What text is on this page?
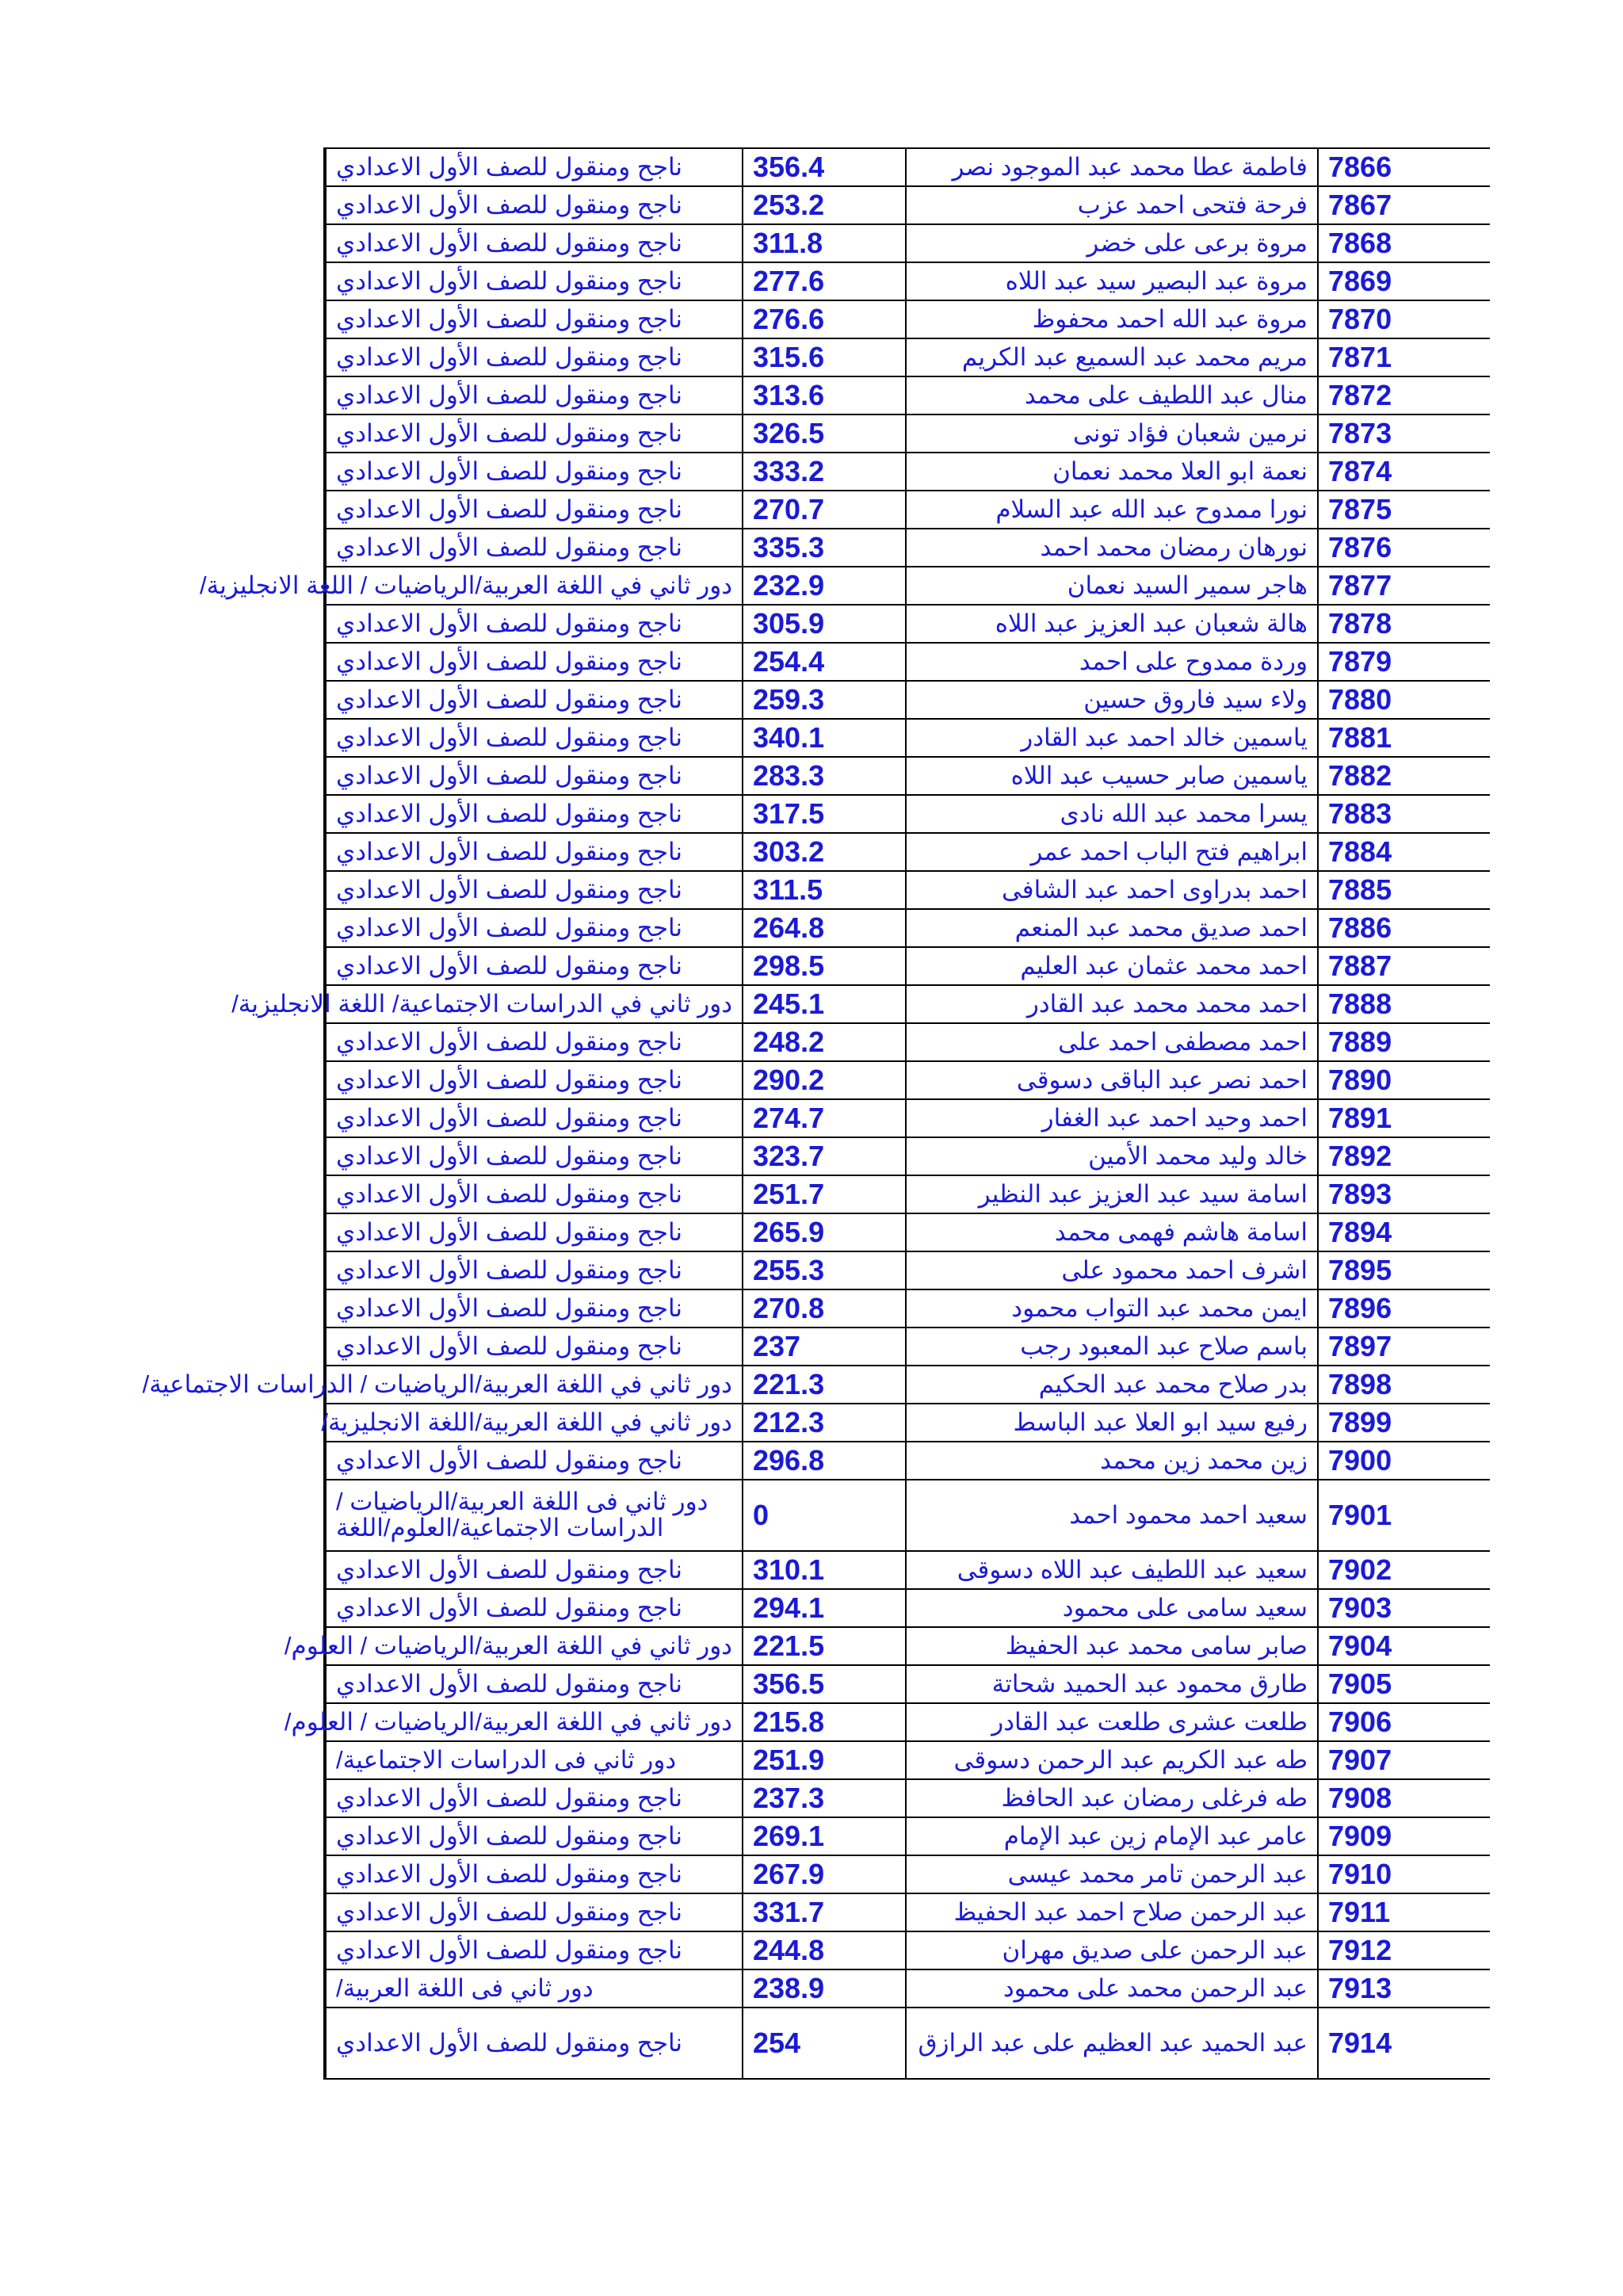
7866	فاطمة عطا محمد عبد الموجود نصر	356.4	ناجح ومنقول للصف الأول الاعدادي
7867	فرحة فتحى احمد عزب	253.2	ناجح ومنقول للصف الأول الاعدادي
7868	مروة برعى على خضر	311.8	ناجح ومنقول للصف الأول الاعدادي
7869	مروة عبد البصير سيد عبد اللاه	277.6	ناجح ومنقول للصف الأول الاعدادي
7870	مروة عبد الله احمد محفوظ	276.6	ناجح ومنقول للصف الأول الاعدادي
7871	مريم محمد عبد السميع عبد الكريم	315.6	ناجح ومنقول للصف الأول الاعدادي
7872	منال عبد اللطيف على محمد	313.6	ناجح ومنقول للصف الأول الاعدادي
7873	نرمين شعبان فؤاد تونى	326.5	ناجح ومنقول للصف الأول الاعدادي
7874	نعمة ابو العلا محمد نعمان	333.2	ناجح ومنقول للصف الأول الاعدادي
7875	نورا ممدوح عبد الله عبد السلام	270.7	ناجح ومنقول للصف الأول الاعدادي
7876	نورهان رمضان محمد احمد	335.3	ناجح ومنقول للصف الأول الاعدادي
7877	هاجر سمير السيد نعمان	232.9	دور ثاني في اللغة العربية/الرياضيات / اللغة الانجليزية/
7878	هالة شعبان عبد العزيز عبد اللاه	305.9	ناجح ومنقول للصف الأول الاعدادي
7879	وردة ممدوح على احمد	254.4	ناجح ومنقول للصف الأول الاعدادي
7880	ولاء سيد فاروق حسين	259.3	ناجح ومنقول للصف الأول الاعدادي
7881	ياسمين خالد احمد عبد القادر	340.1	ناجح ومنقول للصف الأول الاعدادي
7882	ياسمين صابر حسيب عبد اللاه	283.3	ناجح ومنقول للصف الأول الاعدادي
7883	يسرا محمد عبد الله نادى	317.5	ناجح ومنقول للصف الأول الاعدادي
7884	ابراهيم فتح الباب احمد عمر	303.2	ناجح ومنقول للصف الأول الاعدادي
7885	احمد بدراوى احمد عبد الشافى	311.5	ناجح ومنقول للصف الأول الاعدادي
7886	احمد صديق محمد عبد المنعم	264.8	ناجح ومنقول للصف الأول الاعدادي
7887	احمد محمد عثمان عبد العليم	298.5	ناجح ومنقول للصف الأول الاعدادي
7888	احمد محمد محمد عبد القادر	245.1	دور ثاني في الدراسات الاجتماعية/ اللغة الانجليزية/
7889	احمد مصطفى احمد على	248.2	ناجح ومنقول للصف الأول الاعدادي
7890	احمد نصر عبد الباقى دسوقى	290.2	ناجح ومنقول للصف الأول الاعدادي
7891	احمد وحيد احمد عبد الغفار	274.7	ناجح ومنقول للصف الأول الاعدادي
7892	خالد وليد محمد الأمين	323.7	ناجح ومنقول للصف الأول الاعدادي
7893	اسامة سيد عبد العزيز عبد النظير	251.7	ناجح ومنقول للصف الأول الاعدادي
7894	اسامة هاشم فهمى محمد	265.9	ناجح ومنقول للصف الأول الاعدادي
7895	اشرف احمد محمود على	255.3	ناجح ومنقول للصف الأول الاعدادي
7896	ايمن محمد عبد التواب محمود	270.8	ناجح ومنقول للصف الأول الاعدادي
7897	باسم صلاح عبد المعبود رجب	237	ناجح ومنقول للصف الأول الاعدادي
7898	بدر صلاح محمد عبد الحكيم	221.3	دور ثاني في اللغة العربية/الرياضيات / الدراسات الاجتماعية/
7899	رفيع سيد ابو العلا عبد الباسط	212.3	دور ثاني في اللغة العربية/اللغة الانجليزية/
7900	زين محمد زين محمد	296.8	ناجح ومنقول للصف الأول الاعدادي
7901	سعيد احمد محمود احمد	0	دور ثاني فى اللغة العربية/الرياضيات / الدراسات الاجتماعية/العلوم/اللغة
7902	سعيد عبد اللطيف عبد اللاه دسوقى	310.1	ناجح ومنقول للصف الأول الاعدادي
7903	سعيد سامى على محمود	294.1	ناجح ومنقول للصف الأول الاعدادي
7904	صابر سامى محمد عبد الحفيظ	221.5	دور ثاني في اللغة العربية/الرياضيات / العلوم/
7905	طارق محمود عبد الحميد شحاتة	356.5	ناجح ومنقول للصف الأول الاعدادي
7906	طلعت عشرى طلعت عبد القادر	215.8	دور ثاني في اللغة العربية/الرياضيات / العلوم/
7907	طه عبد الكريم عبد الرحمن دسوقى	251.9	دور ثاني فى الدراسات الاجتماعية/
7908	طه فرغلى رمضان عبد الحافظ	237.3	ناجح ومنقول للصف الأول الاعدادي
7909	عامر عبد الإمام زين عبد الإمام	269.1	ناجح ومنقول للصف الأول الاعدادي
7910	عبد الرحمن تامر محمد عيسى	267.9	ناجح ومنقول للصف الأول الاعدادي
7911	عبد الرحمن صلاح احمد عبد الحفيظ	331.7	ناجح ومنقول للصف الأول الاعدادي
7912	عبد الرحمن على صديق مهران	244.8	ناجح ومنقول للصف الأول الاعدادي
7913	عبد الرحمن محمد على محمود	238.9	دور ثاني فى اللغة العربية/
7914	عبد الحميد عبد العظيم على عبد الرازق	254	ناجح ومنقول للصف الأول الاعدادي
